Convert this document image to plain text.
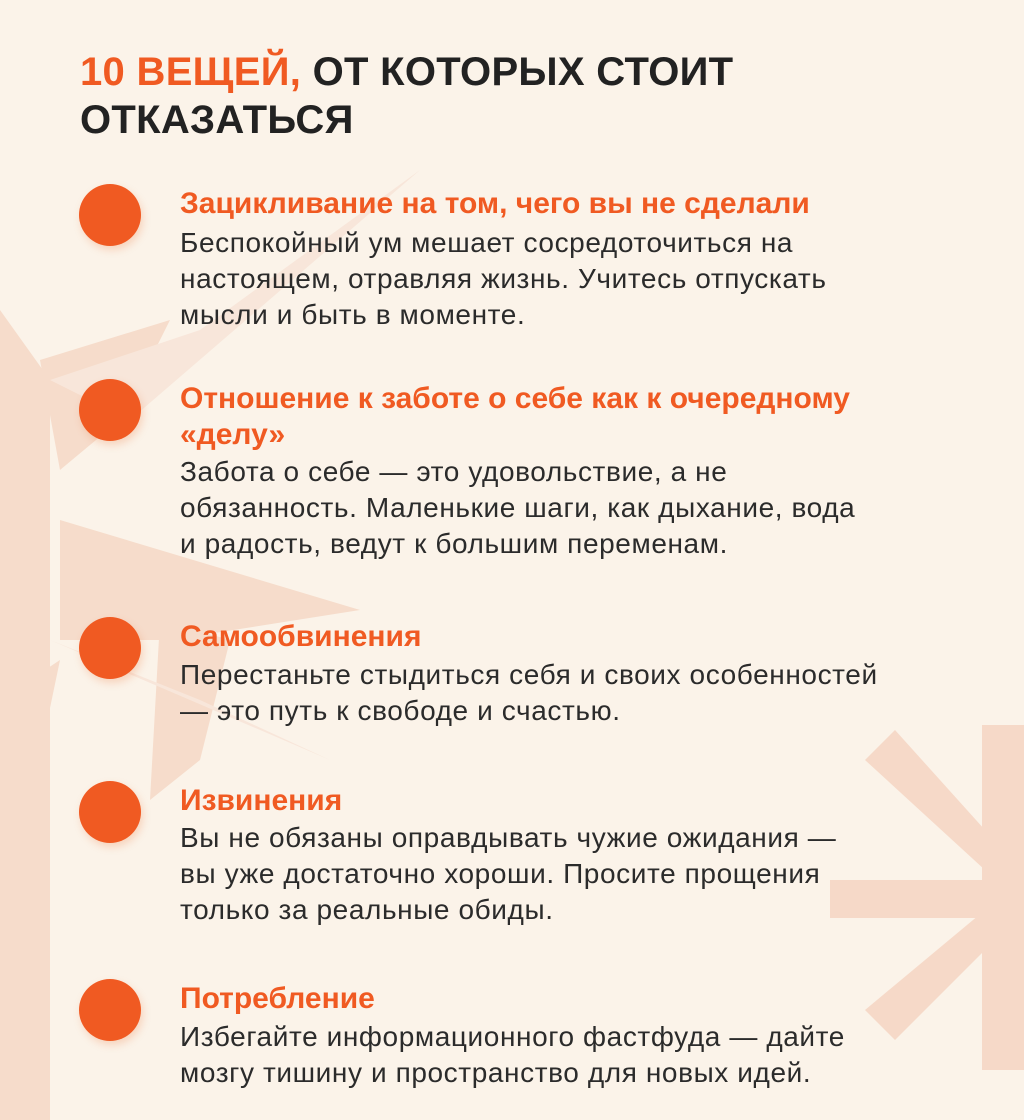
10 ВЕЩЕЙ, ОТ КОТОРЫХ СТОИТ
ОТКАЗАТЬСЯ
Зацикливание на том, чего вы не сделали
Беспокойный ум мешает сосредоточиться на
настоящем, отравляя жизнь. Учитесь отпускать
мысли и быть в моменте.
Отношение к заботе о себе как к очередному
«делу»
Забота о себе — это удовольствие, а не
обязанность. Маленькие шаги, как дыхание, вода
и радость, ведут к большим переменам.
Самообвинения
Перестаньте стыдиться себя и своих особенностей
— это путь к свободе и счастью.
Извинения
Вы не обязаны оправдывать чужие ожидания —
вы уже достаточно хороши. Просите прощения
только за реальные обиды.
Потребление
Избегайте информационного фастфуда — дайте
мозгу тишину и пространство для новых идей.
